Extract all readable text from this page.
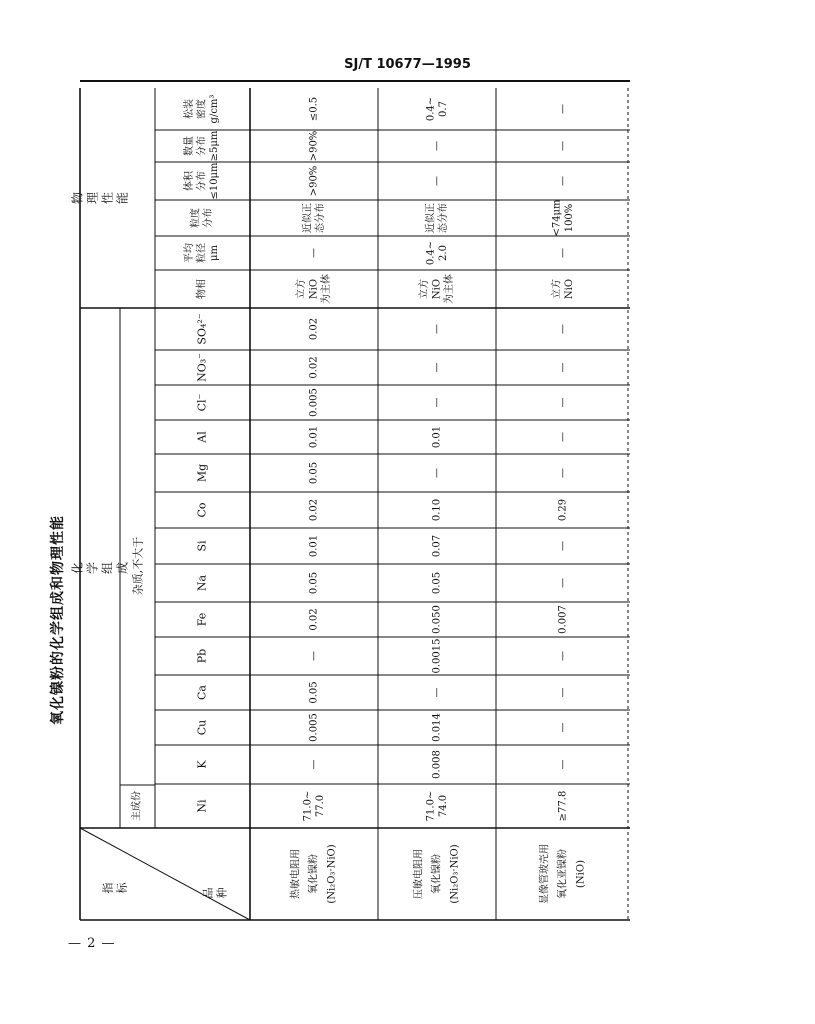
SJ/T 10677—1995
氧化镍粉的化学组成和物理性能
物 理 性 能
化 学 组 成 杂质,不大于
主成份
指 标	品 种
Ni
K
Cu
Ca
Pb
Fe
Na
Si
Co
Mg
Al
Cl⁻
NO₃⁻
SO₄²⁻
松装 密度 g/cm³
数量 分布 ≥5μm
体积 分布 ≤10μm
粒度 分布
平均 粒径 μm
物相
热敏电阻用 氧化镍粉 (Ni₂O₃·NiO)
71.0~ 77.0
—
0.005
0.05
—
0.02
0.05
0.01
0.02
0.05
0.01
0.005
0.02
0.02
≤0.5
>90%
>90%
近似正 态分布
—
立方 NiO 为主体
压敏电阻用 氧化镍粉 (Ni₂O₃·NiO)
71.0~ 74.0
0.008
0.014
—
0.0015
0.050
0.05
0.07
0.10
—
0.01
—
—
—
0.4~ 0.7
—
—
近似正 态分布
0.4~ 2.0
立方 NiO 为主体
显像管玻壳用 氧化亚镍粉 (NiO)
≥77.8
—
—
—
—
0.007
—
—
0.29
—
—
—
—
—
—
—
—
<74μm 100%
—
立方 NiO
— 2 —
